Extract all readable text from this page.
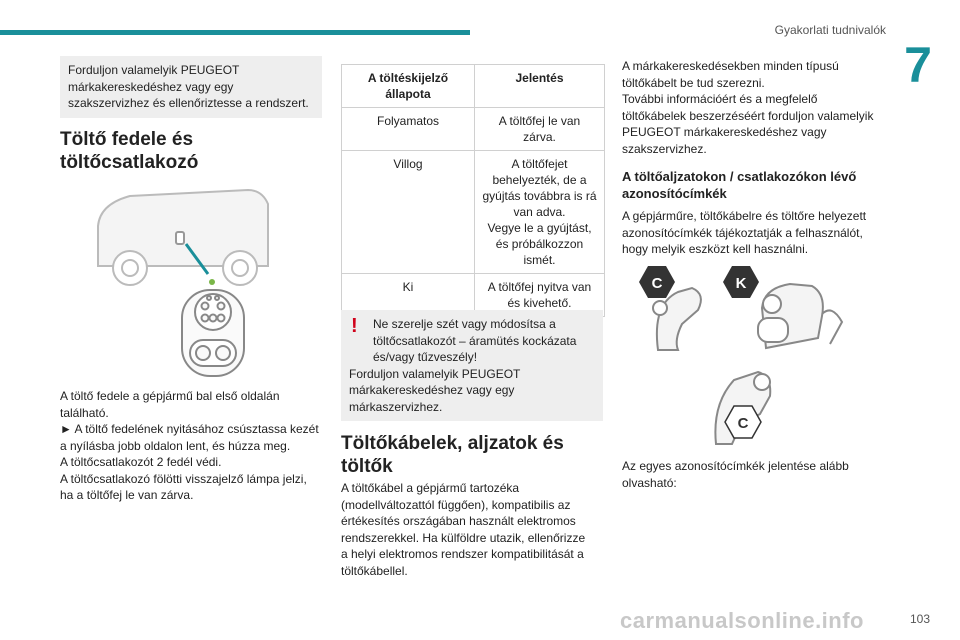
Gyakorlati tudnivalók
7
Forduljon valamelyik PEUGEOT márkakereskedéshez vagy egy szakszervizhez és ellenőriztesse a rendszert.
Töltő fedele és töltőcsatlakozó

A töltő fedele a gépjármű bal első oldalán található.

► A töltő fedelének nyitásához csúsztassa kezét a nyílásba jobb oldalon lent, és húzza meg.

A töltőcsatlakozót 2 fedél védi.

A töltőcsatlakozó fölötti visszajelző lámpa jelzi, ha a töltőfej le van zárva.

A töltéskijelző állapota	Jelentés
Folyamatos	A töltőfej le van zárva.
Villog	A töltőfejet behelyezték, de a gyújtás továbbra is rá van adva.
Vegye le a gyújtást, és próbálkozzon ismét.

Ki	A töltőfej nyitva van és kivehető.
!	Ne szerelje szét vagy módosítsa a töltőcsatlakozót – áramütés kockázata és/vagy tűzveszély!

Forduljon valamelyik PEUGEOT márkakereskedéshez vagy egy márkaszervizhez.

Töltőkábelek, aljzatok és töltők

A töltőkábel a gépjármű tartozéka (modellváltozattól függően), kompatibilis az értékesítés országában használt elektromos rendszerekkel. Ha külföldre utazik, ellenőrizze a helyi elektromos rendszer kompatibilitását a töltőkábellel.

A márkakereskedésekben minden típusú töltőkábelt be tud szerezni.

További információért és a megfelelő töltőkábelek beszerzéséért forduljon valamelyik PEUGEOT márkakereskedéshez vagy szakszervizhez.

A töltőaljzatokon / csatlakozókon lévő azonosítócímkék

A gépjárműre, töltőkábelre és töltőre helyezett azonosítócímkék tájékoztatják a felhasználót, hogy melyik eszközt kell használni.

C	K
C

Az egyes azonosítócímkék jelentése alább olvasható:

carmanualsonline.info	103
